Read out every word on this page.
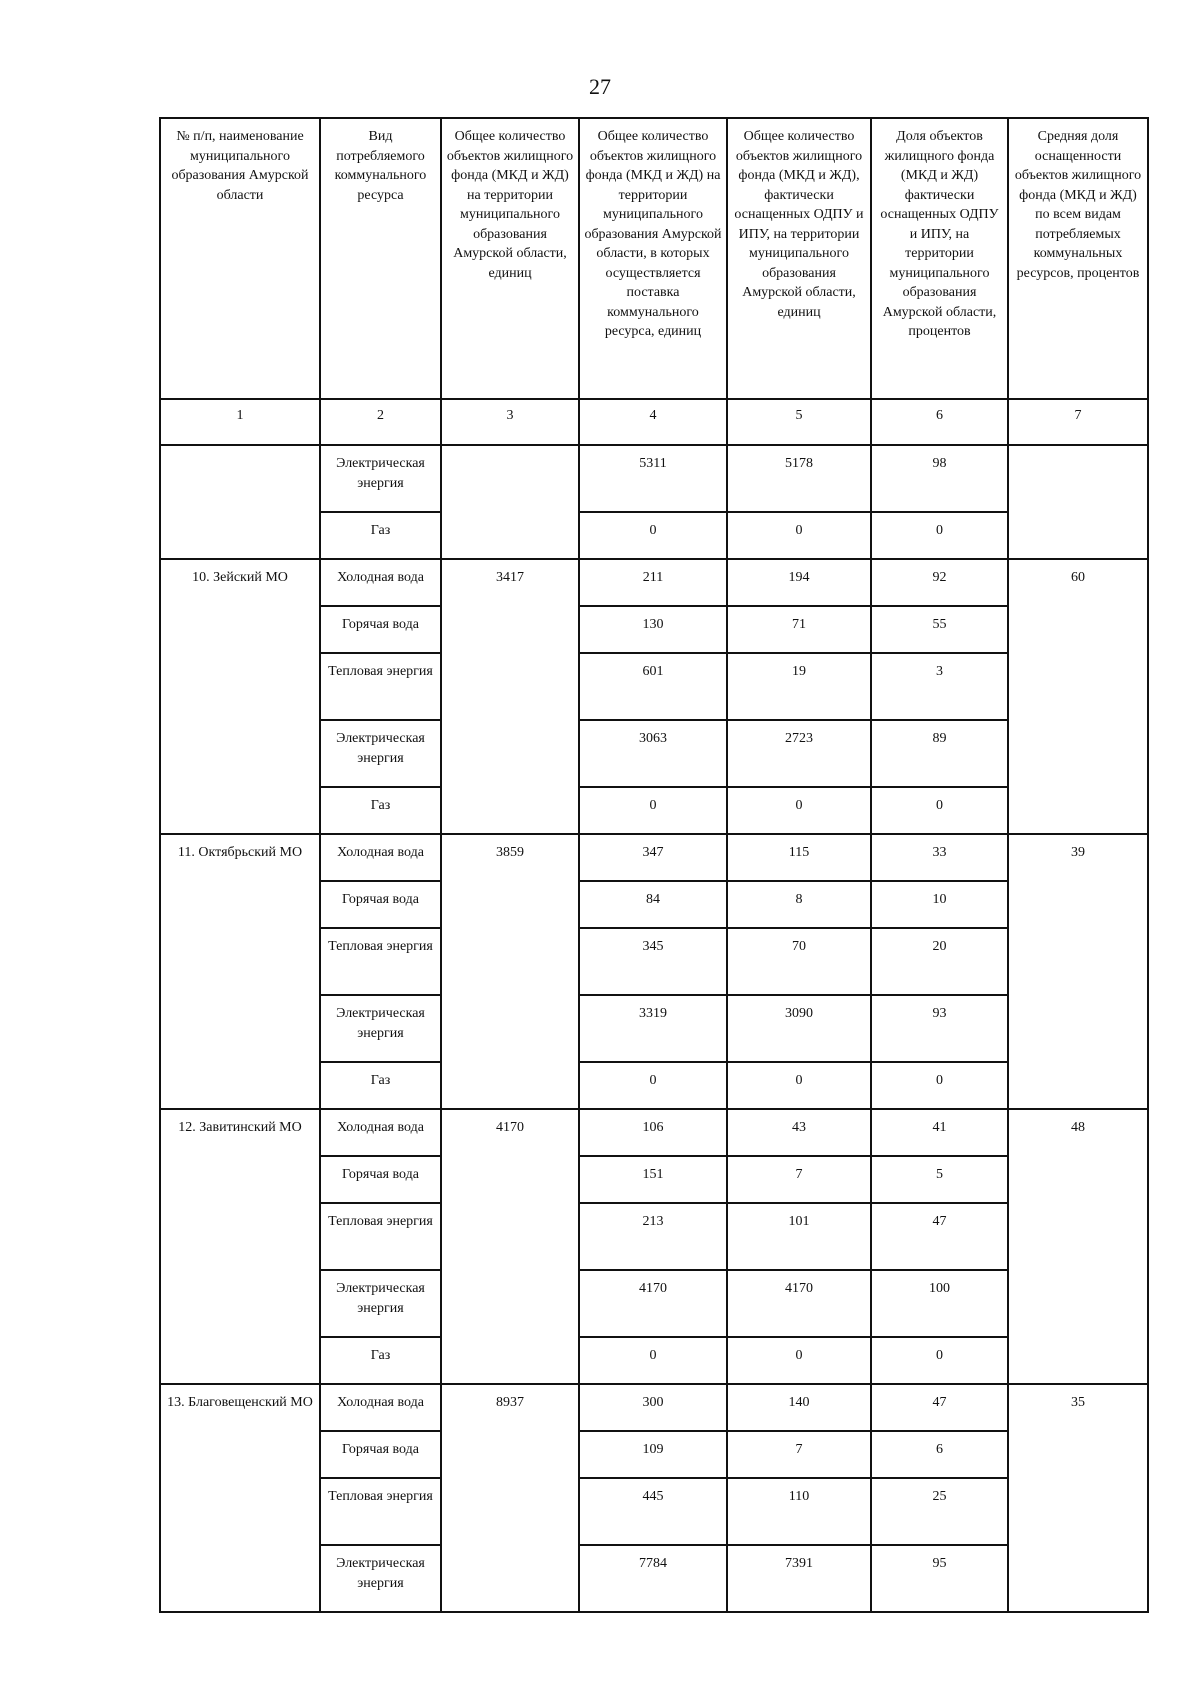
27
№ п/п, наименование муниципального образования Амурской области	Вид потребляемого коммунального ресурса	Общее количество объектов жилищного фонда (МКД и ЖД) на территории муниципального образования Амурской области, единиц	Общее количество объектов жилищного фонда (МКД и ЖД) на территории муниципального образования Амурской области, в которых осуществляется поставка коммунального ресурса, единиц	Общее количество объектов жилищного фонда (МКД и ЖД), фактически оснащенных ОДПУ и ИПУ, на территории муниципального образования Амурской области, единиц	Доля объектов жилищного фонда (МКД и ЖД) фактически оснащенных ОДПУ и ИПУ, на территории муниципального образования Амурской области, процентов	Средняя доля оснащенности объектов жилищного фонда (МКД и ЖД) по всем видам потребляемых коммунальных ресурсов, процентов
1	2	3	4	5	6	7
	Электрическая энергия		5311	5178	98	
	Газ		0	0	0	
10. Зейский МО	Холодная вода	3417	211	194	92	60
	Горячая вода		130	71	55	
	Тепловая энергия		601	19	3	
	Электрическая энергия		3063	2723	89	
	Газ		0	0	0	
11. Октябрьский МО	Холодная вода	3859	347	115	33	39
	Горячая вода		84	8	10	
	Тепловая энергия		345	70	20	
	Электрическая энергия		3319	3090	93	
	Газ		0	0	0	
12. Завитинский МО	Холодная вода	4170	106	43	41	48
	Горячая вода		151	7	5	
	Тепловая энергия		213	101	47	
	Электрическая энергия		4170	4170	100	
	Газ		0	0	0	
13. Благовещенский МО	Холодная вода	8937	300	140	47	35
	Горячая вода		109	7	6	
	Тепловая энергия		445	110	25	
	Электрическая энергия		7784	7391	95	
